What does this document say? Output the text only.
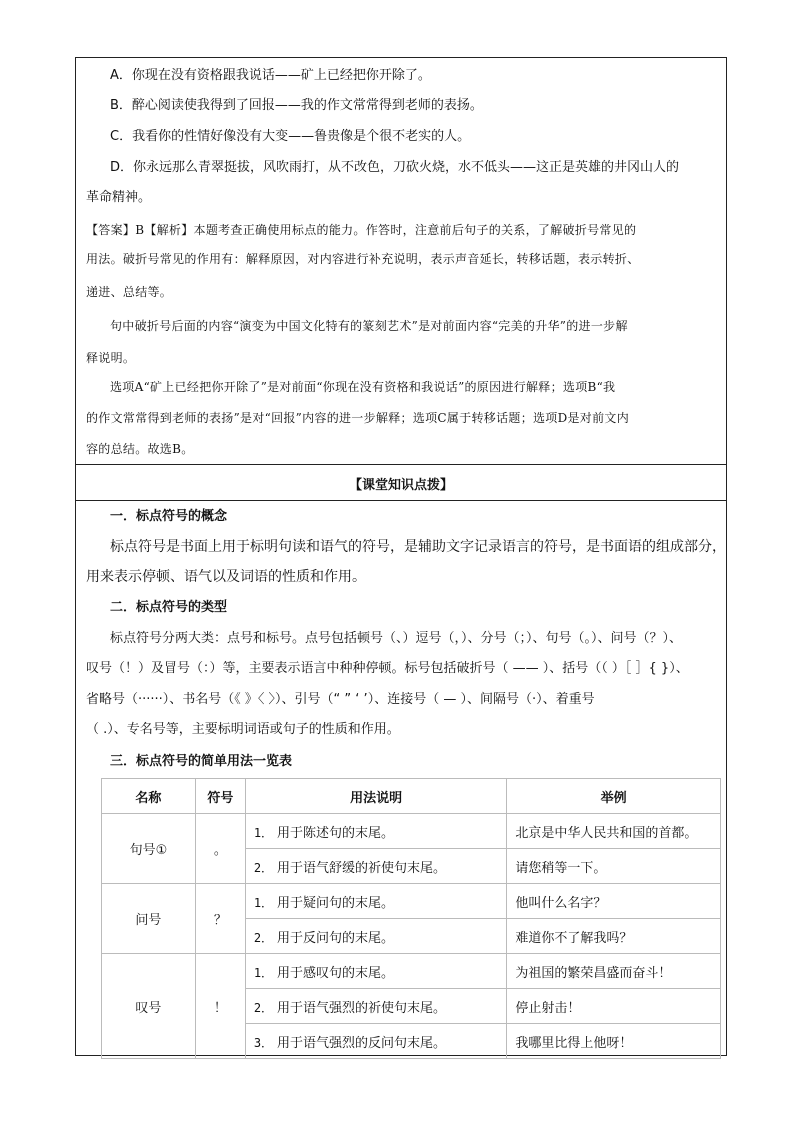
A．你现在没有资格跟我说话——矿上已经把你开除了。
B．醉心阅读使我得到了回报——我的作文常常得到老师的表扬。
C．我看你的性情好像没有大变——鲁贵像是个很不老实的人。
D．你永远那么青翠挺拔，风吹雨打，从不改色，刀砍火烧，水不低头——这正是英雄的井冈山人的
革命精神。
【答案】B【解析】本题考查正确使用标点的能力。作答时，注意前后句子的关系，了解破折号常见的
用法。破折号常见的作用有：解释原因，对内容进行补充说明，表示声音延长，转移话题，表示转折、
递进、总结等。
句中破折号后面的内容“演变为中国文化特有的篆刻艺术”是对前面内容“完美的升华”的进一步解
释说明。
选项A“矿上已经把你开除了”是对前面“你现在没有资格和我说话”的原因进行解释；选项B“我
的作文常常得到老师的表扬”是对“回报”内容的进一步解释；选项C属于转移话题；选项D是对前文内
容的总结。故选B。
【课堂知识点拨】
一．标点符号的概念
标点符号是书面上用于标明句读和语气的符号，是辅助文字记录语言的符号，是书面语的组成部分，
用来表示停顿、语气以及词语的性质和作用。
二．标点符号的类型
标点符号分两大类：点号和标号。点号包括顿号（、）逗号（，）、分号（；）、句号（。）、问号（？）、
叹号（！）及冒号（：）等，主要表示语言中种种停顿。标号包括破折号（ —— ）、括号（（ ）［ ］{ }）、
省略号（······）、书名号（《 》〈 〉）、引号（“ ” ‘ ’）、连接号（ — ）、间隔号（·）、着重号
（ .）、专名号等，主要标明词语或句子的性质和作用。
三．标点符号的简单用法一览表
名称	符号	用法说明	举例
句号①	。	1． 用于陈述句的末尾。	北京是中华人民共和国的首都。
		2． 用于语气舒缓的祈使句末尾。	请您稍等一下。
问号	？	1． 用于疑问句的末尾。	他叫什么名字？
		2． 用于反问句的末尾。	难道你不了解我吗？
叹号	！	1． 用于感叹句的末尾。	为祖国的繁荣昌盛而奋斗！
		2． 用于语气强烈的祈使句末尾。	停止射击！
		3． 用于语气强烈的反问句末尾。	我哪里比得上他呀！
